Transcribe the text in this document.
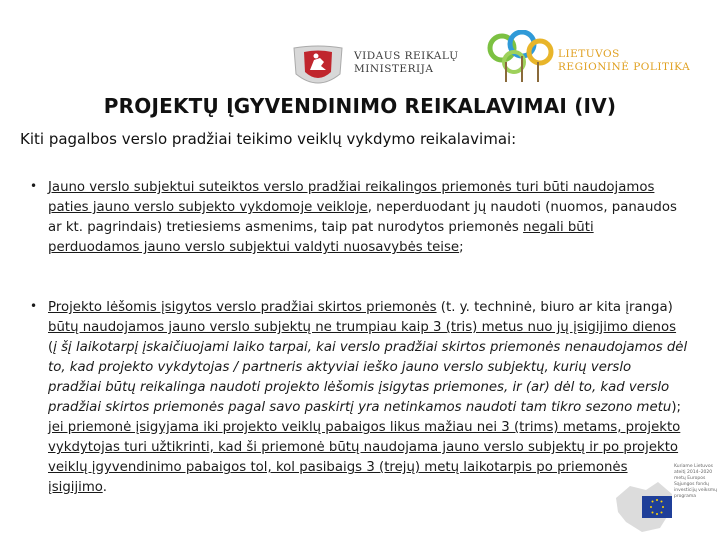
VIDAUS REIKALŲ
MINISTERIJA
LIETUVOS
REGIONINĖ POLITIKA
PROJEKTŲ ĮGYVENDINIMO REIKALAVIMAI (IV)

Kiti pagalbos verslo pradžiai teikimo veiklų vykdymo reikalavimai:

• Jauno verslo subjektui suteiktos verslo pradžiai reikalingos priemonės turi būti naudojamos paties jauno verslo subjekto vykdomoje veikloje, neperduodant jų naudoti (nuomos, panaudos ar kt. pagrindais) tretiesiems asmenims, taip pat nurodytos priemonės negali būti perduodamos jauno verslo subjektui valdyti nuosavybės teise;
• Projekto lėšomis įsigytos verslo pradžiai skirtos priemonės (t. y. techninė, biuro ar kita įranga) būtų naudojamos jauno verslo subjektų ne trumpiau kaip 3 (tris) metus nuo jų įsigijimo dienos (į šį laikotarpį įskaičiuojami laiko tarpai, kai verslo pradžiai skirtos priemonės nenaudojamos dėl to, kad projekto vykdytojas / partneris aktyviai ieško jauno verslo subjektų, kurių verslo pradžiai būtų reikalinga naudoti projekto lėšomis įsigytas priemones, ir (ar) dėl to, kad verslo pradžiai skirtos priemonės pagal savo paskirtį yra netinkamos naudoti tam tikro sezono metu); jei priemonė įsigyjama iki projekto veiklų pabaigos likus mažiau nei 3 (trims) metams, projekto vykdytojas turi užtikrinti, kad ši priemonė būtų naudojama jauno verslo subjektų ir po projekto veiklų įgyvendinimo pabaigos tol, kol pasibaigs 3 (trejų) metų laikotarpis po priemonės įsigijimo.
Kuriame Lietuvos ateitį 2014–2020 metų Europos Sąjungos fondų investicijų veiksmų programa
